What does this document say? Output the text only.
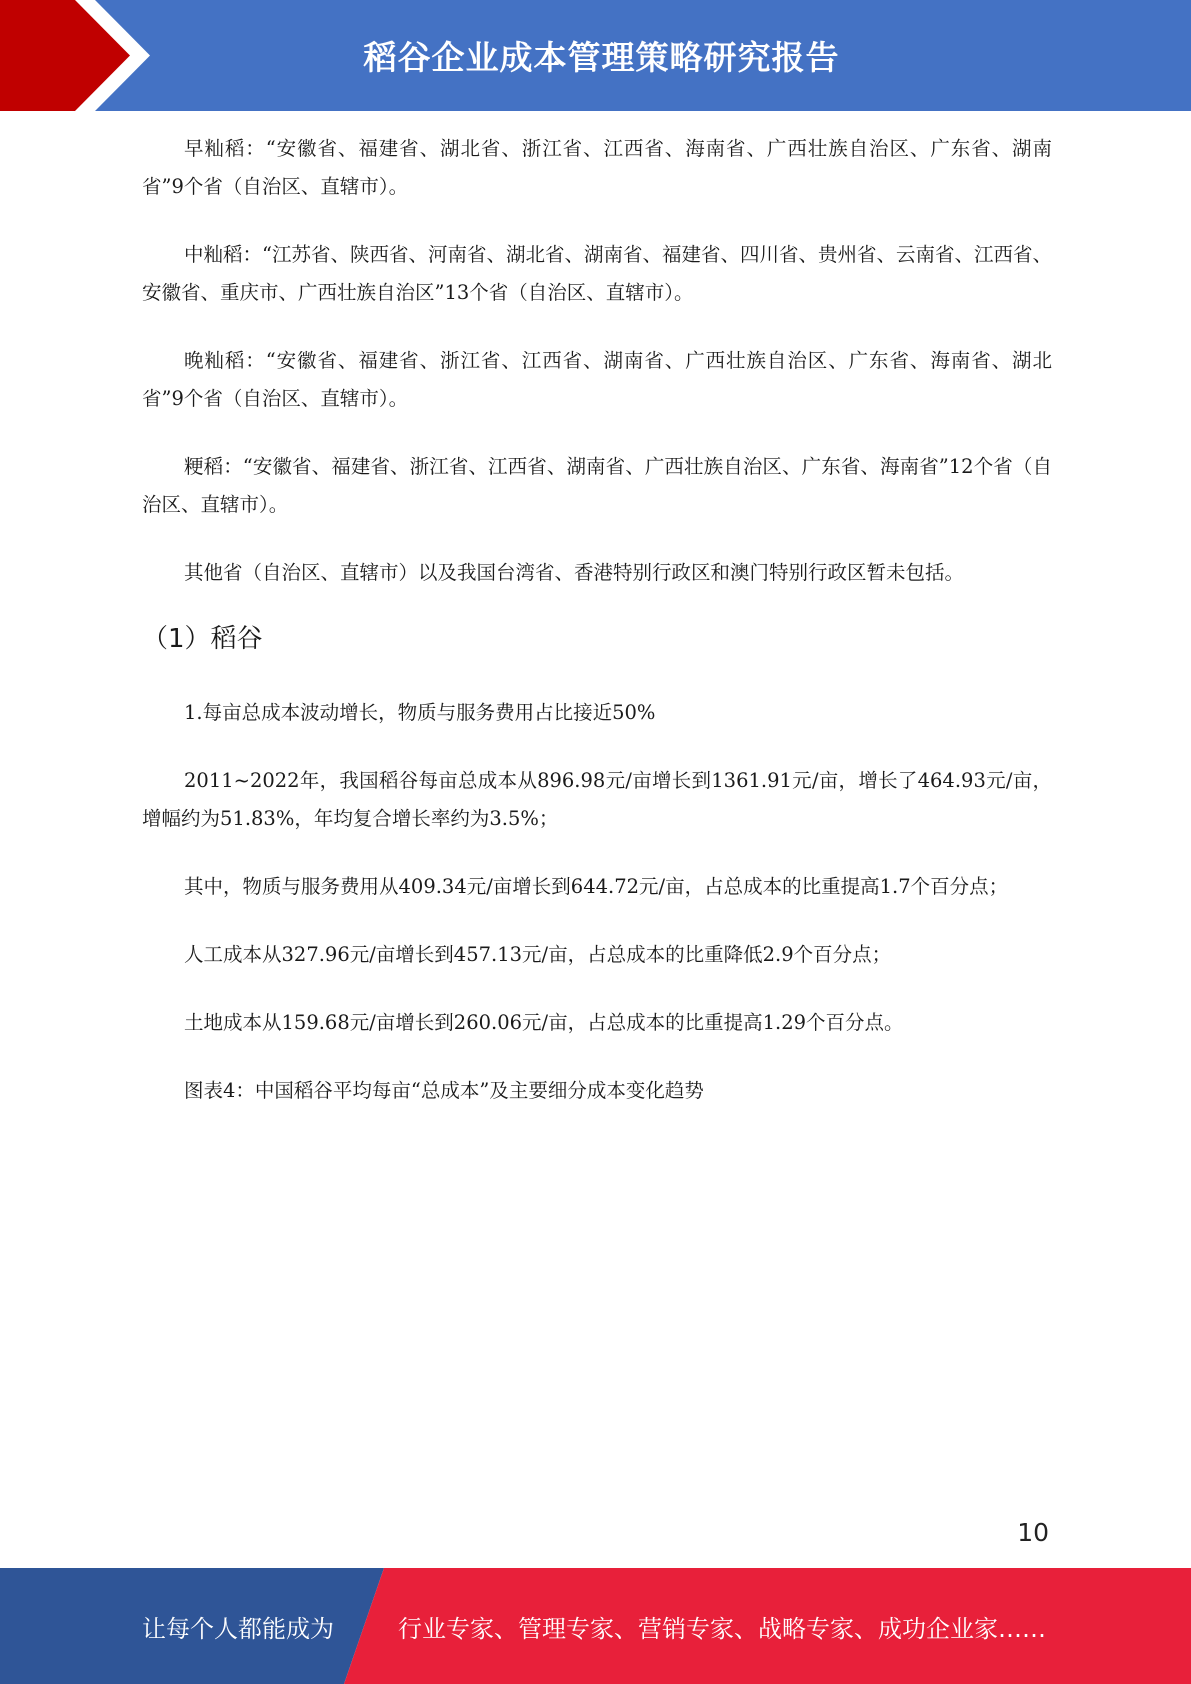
稻谷企业成本管理策略研究报告

早籼稻：“安徽省、福建省、湖北省、浙江省、江西省、海南省、广西壮族自治区、广东省、湖南省”9个省（自治区、直辖市）。

中籼稻：“江苏省、陕西省、河南省、湖北省、湖南省、福建省、四川省、贵州省、云南省、江西省、安徽省、重庆市、广西壮族自治区”13个省（自治区、直辖市）。

晚籼稻：“安徽省、福建省、浙江省、江西省、湖南省、广西壮族自治区、广东省、海南省、湖北省”9个省（自治区、直辖市）。

粳稻：“安徽省、福建省、浙江省、江西省、湖南省、广西壮族自治区、广东省、海南省”12个省（自治区、直辖市）。

其他省（自治区、直辖市）以及我国台湾省、香港特别行政区和澳门特别行政区暂未包括。

（1）稻谷

1.每亩总成本波动增长，物质与服务费用占比接近50%

2011~2022年，我国稻谷每亩总成本从896.98元/亩增长到1361.91元/亩，增长了464.93元/亩，增幅约为51.83%，年均复合增长率约为3.5%；

其中，物质与服务费用从409.34元/亩增长到644.72元/亩，占总成本的比重提高1.7个百分点；

人工成本从327.96元/亩增长到457.13元/亩，占总成本的比重降低2.9个百分点；

土地成本从159.68元/亩增长到260.06元/亩，占总成本的比重提高1.29个百分点。

图表4：中国稻谷平均每亩“总成本”及主要细分成本变化趋势

10
让每个人都能成为	行业专家、管理专家、营销专家、战略专家、成功企业家……
